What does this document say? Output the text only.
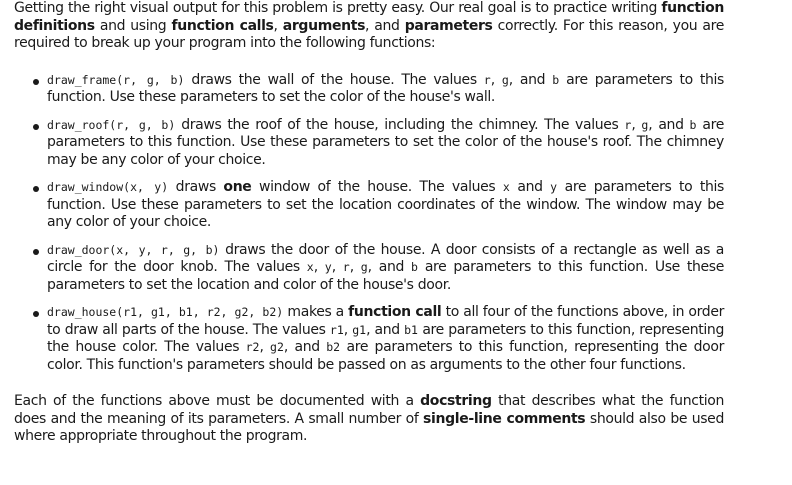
Getting the right visual output for this problem is pretty easy. Our real goal is to practice writing function definitions and using function calls, arguments, and parameters correctly. For this reason, you are required to break up your program into the following functions:

draw_frame(r, g, b) draws the wall of the house. The values r, g, and b are parameters to this function. Use these parameters to set the color of the house's wall.
draw_roof(r, g, b) draws the roof of the house, including the chimney. The values r, g, and b are parameters to this function. Use these parameters to set the color of the house's roof. The chimney may be any color of your choice.
draw_window(x, y) draws one window of the house. The values x and y are parameters to this function. Use these parameters to set the location coordinates of the window. The window may be any color of your choice.
draw_door(x, y, r, g, b) draws the door of the house. A door consists of a rectangle as well as a circle for the door knob. The values x, y, r, g, and b are parameters to this function. Use these parameters to set the location and color of the house's door.
draw_house(r1, g1, b1, r2, g2, b2) makes a function call to all four of the functions above, in order to draw all parts of the house. The values r1, g1, and b1 are parameters to this function, representing the house color. The values r2, g2, and b2 are parameters to this function, representing the door color. This function's parameters should be passed on as arguments to the other four functions.

Each of the functions above must be documented with a docstring that describes what the function does and the meaning of its parameters. A small number of single-line comments should also be used where appropriate throughout the program.
